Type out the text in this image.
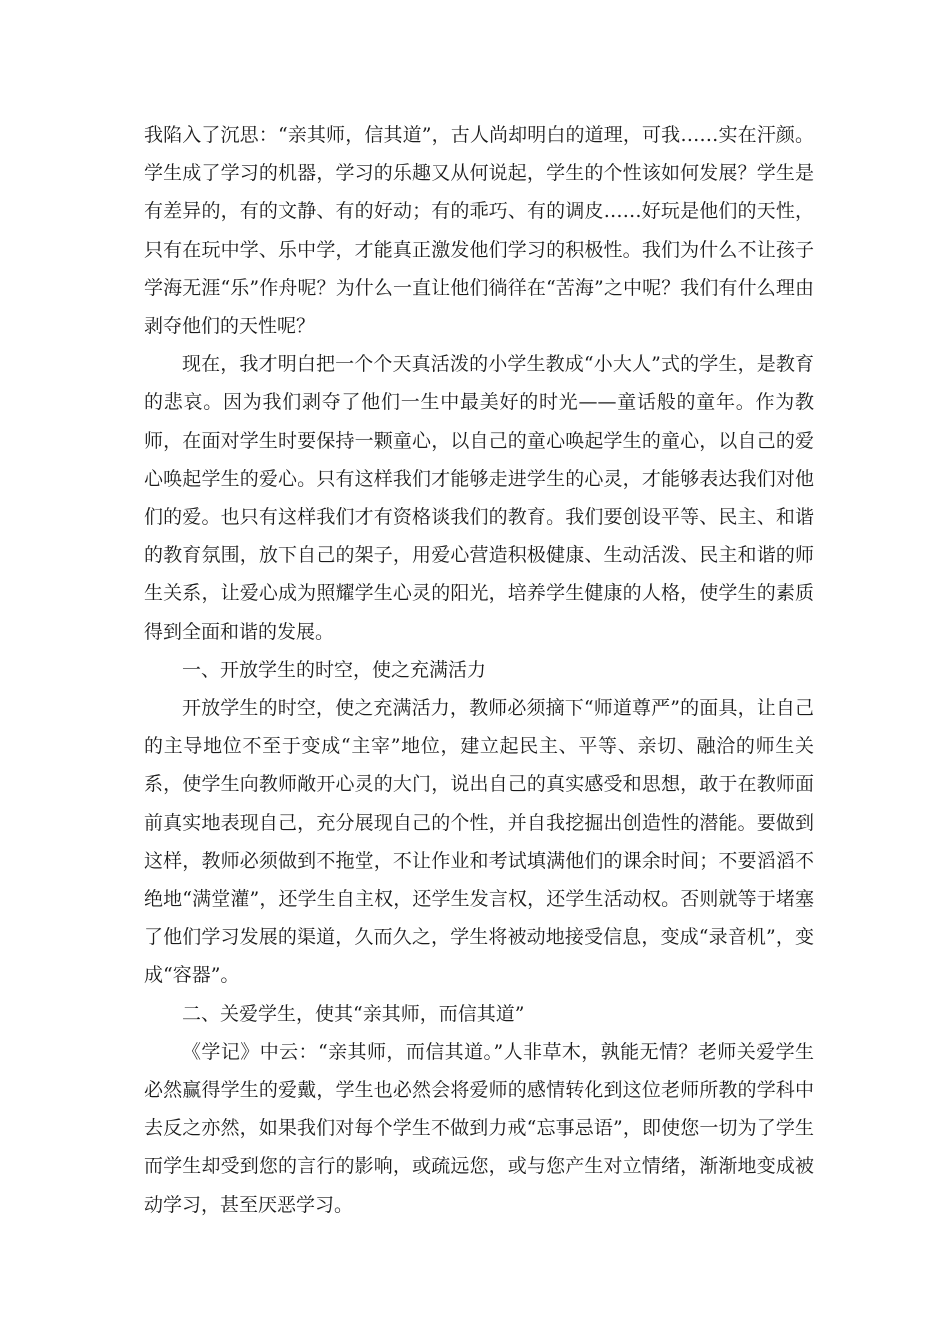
我陷入了沉思：“亲其师，信其道”，古人尚却明白的道理，可我……实在汗颜。学生成了学习的机器，学习的乐趣又从何说起，学生的个性该如何发展？学生是有差异的，有的文静、有的好动；有的乖巧、有的调皮……好玩是他们的天性，只有在玩中学、乐中学，才能真正激发他们学习的积极性。我们为什么不让孩子学海无涯“乐”作舟呢？为什么一直让他们徜徉在“苦海”之中呢？我们有什么理由剥夺他们的天性呢？

现在，我才明白把一个个天真活泼的小学生教成“小大人”式的学生，是教育的悲哀。因为我们剥夺了他们一生中最美好的时光——童话般的童年。作为教师，在面对学生时要保持一颗童心，以自己的童心唤起学生的童心，以自己的爱心唤起学生的爱心。只有这样我们才能够走进学生的心灵，才能够表达我们对他们的爱。也只有这样我们才有资格谈我们的教育。我们要创设平等、民主、和谐的教育氛围，放下自己的架子，用爱心营造积极健康、生动活泼、民主和谐的师生关系，让爱心成为照耀学生心灵的阳光，培养学生健康的人格，使学生的素质得到全面和谐的发展。

一、开放学生的时空，使之充满活力

开放学生的时空，使之充满活力，教师必须摘下“师道尊严”的面具，让自己的主导地位不至于变成“主宰”地位，建立起民主、平等、亲切、融洽的师生关系，使学生向教师敞开心灵的大门，说出自己的真实感受和思想，敢于在教师面前真实地表现自己，充分展现自己的个性，并自我挖掘出创造性的潜能。要做到这样，教师必须做到不拖堂，不让作业和考试填满他们的课余时间；不要滔滔不绝地“满堂灌”，还学生自主权，还学生发言权，还学生活动权。否则就等于堵塞了他们学习发展的渠道，久而久之，学生将被动地接受信息，变成“录音机”，变成“容器”。

二、关爱学生，使其“亲其师，而信其道”

《学记》中云：“亲其师，而信其道。”人非草木，孰能无情？老师关爱学生必然赢得学生的爱戴，学生也必然会将爱师的感情转化到这位老师所教的学科中去反之亦然，如果我们对每个学生不做到力戒“忘事忌语”，即使您一切为了学生而学生却受到您的言行的影响，或疏远您，或与您产生对立情绪，渐渐地变成被动学习，甚至厌恶学习。
